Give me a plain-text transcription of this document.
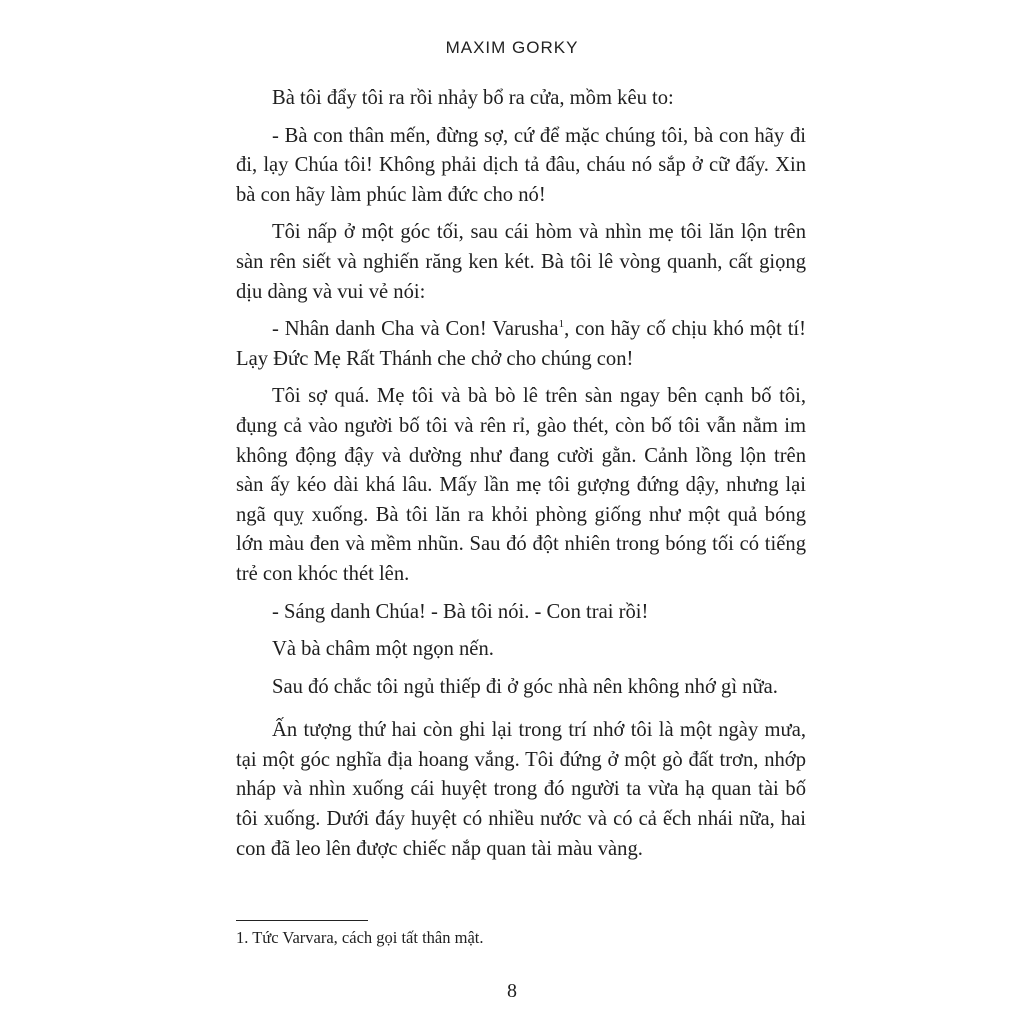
MAXIM GORKY

Bà tôi đẩy tôi ra rồi nhảy bổ ra cửa, mồm kêu to:

- Bà con thân mến, đừng sợ, cứ để mặc chúng tôi, bà con hãy đi đi, lạy Chúa tôi! Không phải dịch tả đâu, cháu nó sắp ở cữ đấy. Xin bà con hãy làm phúc làm đức cho nó!

Tôi nấp ở một góc tối, sau cái hòm và nhìn mẹ tôi lăn lộn trên sàn rên siết và nghiến răng ken két. Bà tôi lê vòng quanh, cất giọng dịu dàng và vui vẻ nói:

- Nhân danh Cha và Con! Varusha$^1$, con hãy cố chịu khó một tí! Lạy Đức Mẹ Rất Thánh che chở cho chúng con!

Tôi sợ quá. Mẹ tôi và bà bò lê trên sàn ngay bên cạnh bố tôi, đụng cả vào người bố tôi và rên rỉ, gào thét, còn bố tôi vẫn nằm im không động đậy và dường như đang cười gằn. Cảnh lồng lộn trên sàn ấy kéo dài khá lâu. Mấy lần mẹ tôi gượng đứng dậy, nhưng lại ngã quỵ xuống. Bà tôi lăn ra khỏi phòng giống như một quả bóng lớn màu đen và mềm nhũn. Sau đó đột nhiên trong bóng tối có tiếng trẻ con khóc thét lên.

- Sáng danh Chúa! - Bà tôi nói. - Con trai rồi!

Và bà châm một ngọn nến.

Sau đó chắc tôi ngủ thiếp đi ở góc nhà nên không nhớ gì nữa.

Ấn tượng thứ hai còn ghi lại trong trí nhớ tôi là một ngày mưa, tại một góc nghĩa địa hoang vắng. Tôi đứng ở một gò đất trơn, nhớp nháp và nhìn xuống cái huyệt trong đó người ta vừa hạ quan tài bố tôi xuống. Dưới đáy huyệt có nhiều nước và có cả ếch nhái nữa, hai con đã leo lên được chiếc nắp quan tài màu vàng.

1. Tức Varvara, cách gọi tất thân mật.
8
